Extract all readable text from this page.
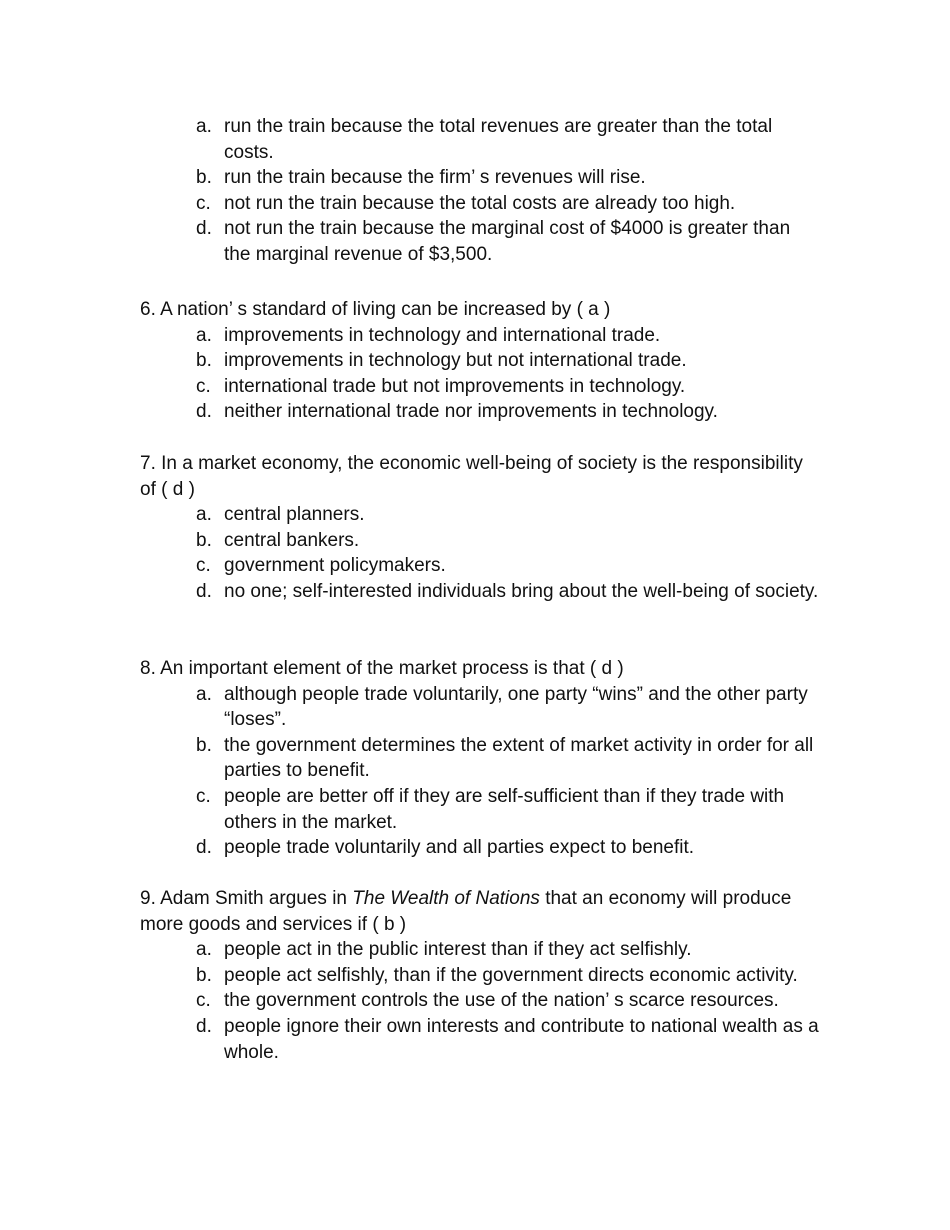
a. run the train because the total revenues are greater than the total costs.
b. run the train because the firm’ s revenues will rise.
c. not run the train because the total costs are already too high.
d. not run the train because the marginal cost of $4000 is greater than the marginal revenue of $3,500.

6. A nation’ s standard of living can be increased by ( a )

a. improvements in technology and international trade.
b. improvements in technology but not international trade.
c. international trade but not improvements in technology.
d. neither international trade nor improvements in technology.

7. In a market economy, the economic well-being of society is the responsibility of ( d )

a. central planners.
b. central bankers.
c. government policymakers.
d. no one; self-interested individuals bring about the well-being of society.

8. An important element of the market process is that ( d )

a. although people trade voluntarily, one party “wins” and the other party “loses”.
b. the government determines the extent of market activity in order for all parties to benefit.
c. people are better off if they are self-sufficient than if they trade with others in the market.
d. people trade voluntarily and all parties expect to benefit.

9. Adam Smith argues in The Wealth of Nations that an economy will produce more goods and services if ( b )

a. people act in the public interest than if they act selfishly.
b. people act selfishly, than if the government directs economic activity.
c. the government controls the use of the nation’ s scarce resources.
d. people ignore their own interests and contribute to national wealth as a whole.
